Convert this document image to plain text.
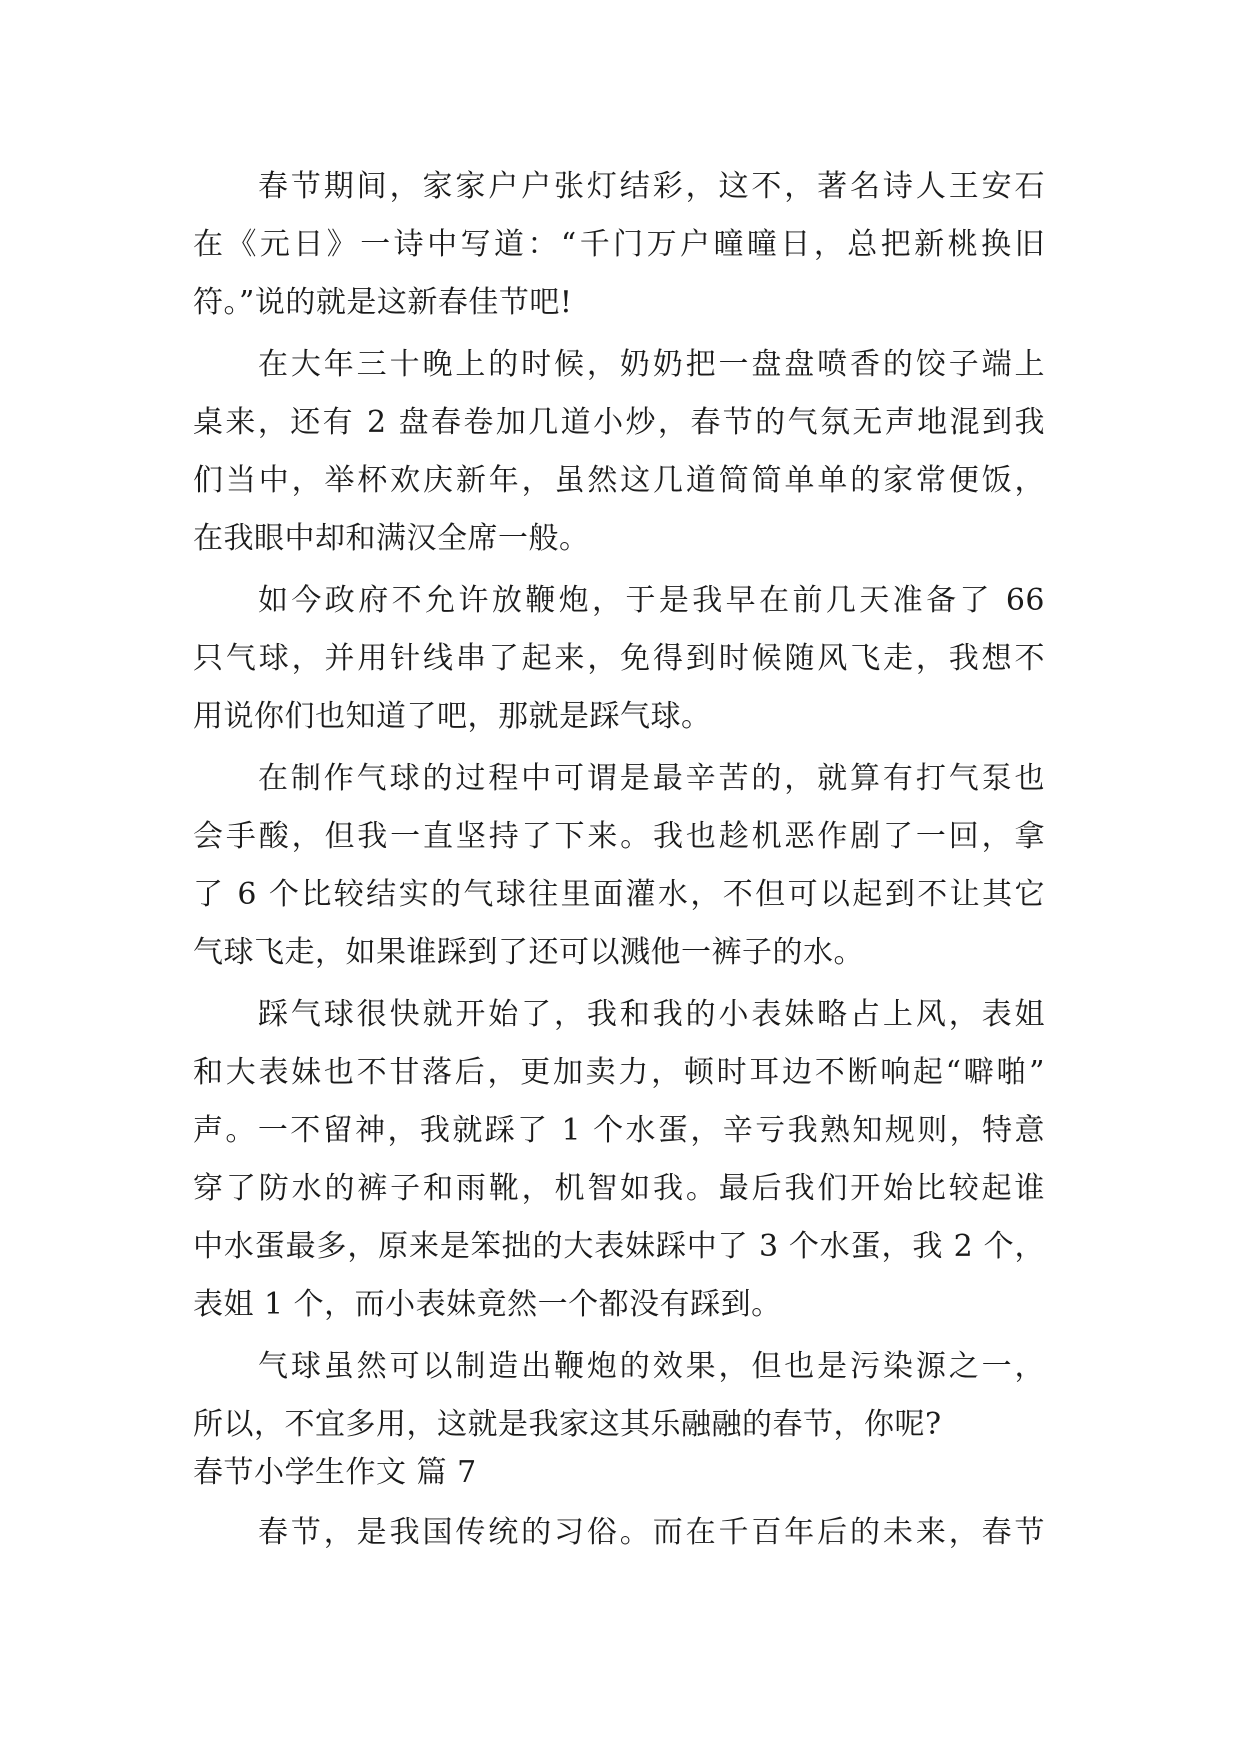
春节期间，家家户户张灯结彩，这不，著名诗人王安石
在《元日》一诗中写道：“千门万户曈曈日，总把新桃换旧
符。”说的就是这新春佳节吧!
在大年三十晚上的时候，奶奶把一盘盘喷香的饺子端上
桌来，还有 2 盘春卷加几道小炒，春节的气氛无声地混到我
们当中，举杯欢庆新年，虽然这几道简简单单的家常便饭，
在我眼中却和满汉全席一般。
如今政府不允许放鞭炮，于是我早在前几天准备了 66
只气球，并用针线串了起来，免得到时候随风飞走，我想不
用说你们也知道了吧，那就是踩气球。
在制作气球的过程中可谓是最辛苦的，就算有打气泵也
会手酸，但我一直坚持了下来。我也趁机恶作剧了一回，拿
了 6 个比较结实的气球往里面灌水，不但可以起到不让其它
气球飞走，如果谁踩到了还可以溅他一裤子的水。
踩气球很快就开始了，我和我的小表妹略占上风，表姐
和大表妹也不甘落后，更加卖力，顿时耳边不断响起“噼啪”
声。一不留神，我就踩了 1 个水蛋，辛亏我熟知规则，特意
穿了防水的裤子和雨靴，机智如我。最后我们开始比较起谁
中水蛋最多，原来是笨拙的大表妹踩中了 3 个水蛋，我 2 个，
表姐 1 个，而小表妹竟然一个都没有踩到。
气球虽然可以制造出鞭炮的效果，但也是污染源之一，
所以，不宜多用，这就是我家这其乐融融的春节，你呢?
春节小学生作文 篇 7
春节，是我国传统的习俗。而在千百年后的未来，春节
